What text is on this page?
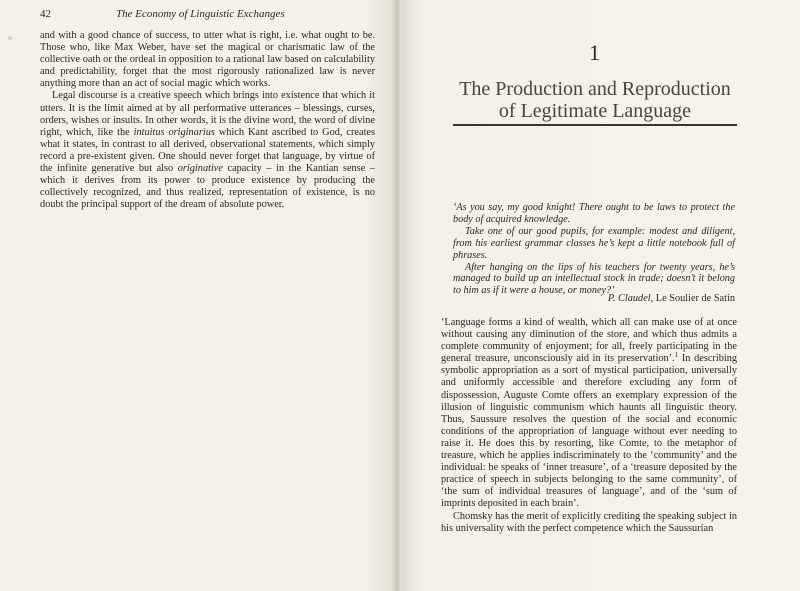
42	The Economy of Linguistic Exchanges

and with a good chance of success, to utter what is right, i.e. what ought to be. Those who, like Max Weber, have set the magical or charismatic law of the collective oath or the ordeal in opposition to a rational law based on calculability and predictability, forget that the most rigorously rationalized law is never anything more than an act of social magic which works.

Legal discourse is a creative speech which brings into existence that which it utters. It is the limit aimed at by all performative utterances – blessings, curses, orders, wishes or insults. In other words, it is the divine word, the word of divine right, which, like the intuitus originarius which Kant ascribed to God, creates what it states, in contrast to all derived, observational statements, which simply record a pre-existent given. One should never forget that language, by virtue of the infinite generative but also originative capacity – in the Kantian sense – which it derives from its power to produce existence by producing the collectively recognized, and thus realized, representation of existence, is no doubt the principal support of the dream of absolute power.

1
The Production and Reproduction
of Legitimate Language

‘As you say, my good knight! There ought to be laws to protect the body of acquired knowledge.

Take one of our good pupils, for example: modest and diligent, from his earliest grammar classes he’s kept a little notebook full of phrases.

After hanging on the lips of his teachers for twenty years, he’s managed to build up an intellectual stock in trade; doesn’t it belong to him as if it were a house, or money?’

P. Claudel, Le Soulier de Satin

‘Language forms a kind of wealth, which all can make use of at once without causing any diminution of the store, and which thus admits a complete community of enjoyment; for all, freely participating in the general treasure, unconsciously aid in its preservation’.$^1$ In describing symbolic appropriation as a sort of mystical participation, universally and uniformly accessible and therefore excluding any form of dispossession, Auguste Comte offers an exemplary expression of the illusion of linguistic communism which haunts all linguistic theory. Thus, Saussure resolves the question of the social and economic conditions of the appropriation of language without ever needing to raise it. He does this by resorting, like Comte, to the metaphor of treasure, which he applies indiscriminately to the ‘community’ and the individual: he speaks of ‘inner treasure’, of a ‘treasure deposited by the practice of speech in subjects belonging to the same community’, of ‘the sum of individual treasures of language’, and of the ‘sum of imprints deposited in each brain’.

Chomsky has the merit of explicitly crediting the speaking subject in his universality with the perfect competence which the Saussurian
